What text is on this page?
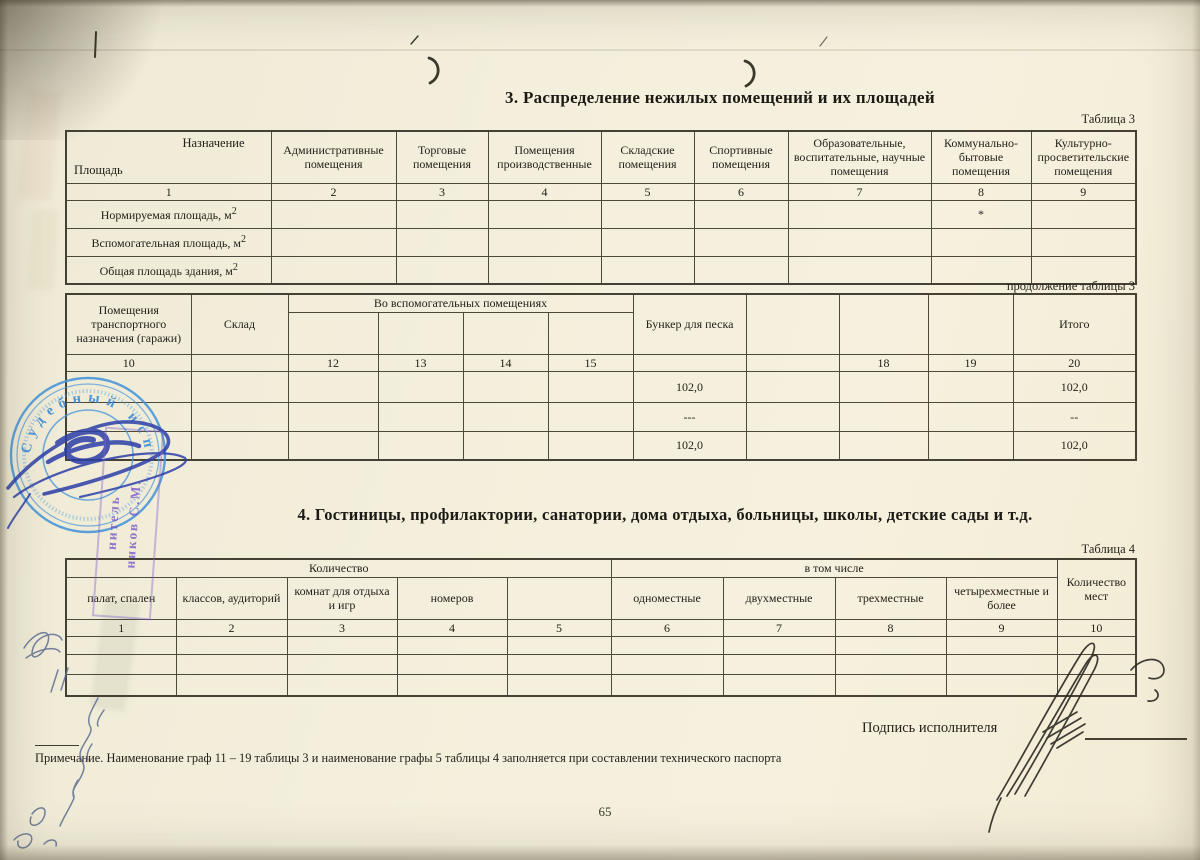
3. Распределение нежилых помещений и их площадей
Таблица 3
Назначение
Площадь	Административные помещения	Торговые помещения	Помещения производственные	Складские помещения	Спортивные помещения	Образовательные, воспитательные, научные помещения	Коммунально-бытовые помещения	Культурно-просветительские помещения
1	2	3	4	5	6	7	8	9
Нормируемая площадь, $м^2$							*	
Вспомогательная площадь, $м^2$								
Общая площадь здания, $м^2$								
продолжение таблицы 3
Помещения транспортного назначения (гаражи)	Склад	Во вспомогательных помещениях				Бункер для песка				Итого

10		12	13	14	15			18	19	20
						102,0				102,0
						---				--
						102,0				102,0
4. Гостиницы, профилактории, санатории, дома отдыха, больницы, школы, детские сады и т.д.
Таблица 4
Количество					в том числе				Количество мест
палат, спален	классов, аудиторий	комнат для отдыха и игр	номеров		одноместные	двухместные	трехместные	четырехместные и более	
1	2	3	4	5	6	7	8	9	10

Подпись исполнителя
Примечание. Наименование граф 11 – 19 таблицы 3 и наименование графы 5 таблицы 4 заполняется при составлении технического паспорта
65
Судебный исп
нитель ников С.М.
